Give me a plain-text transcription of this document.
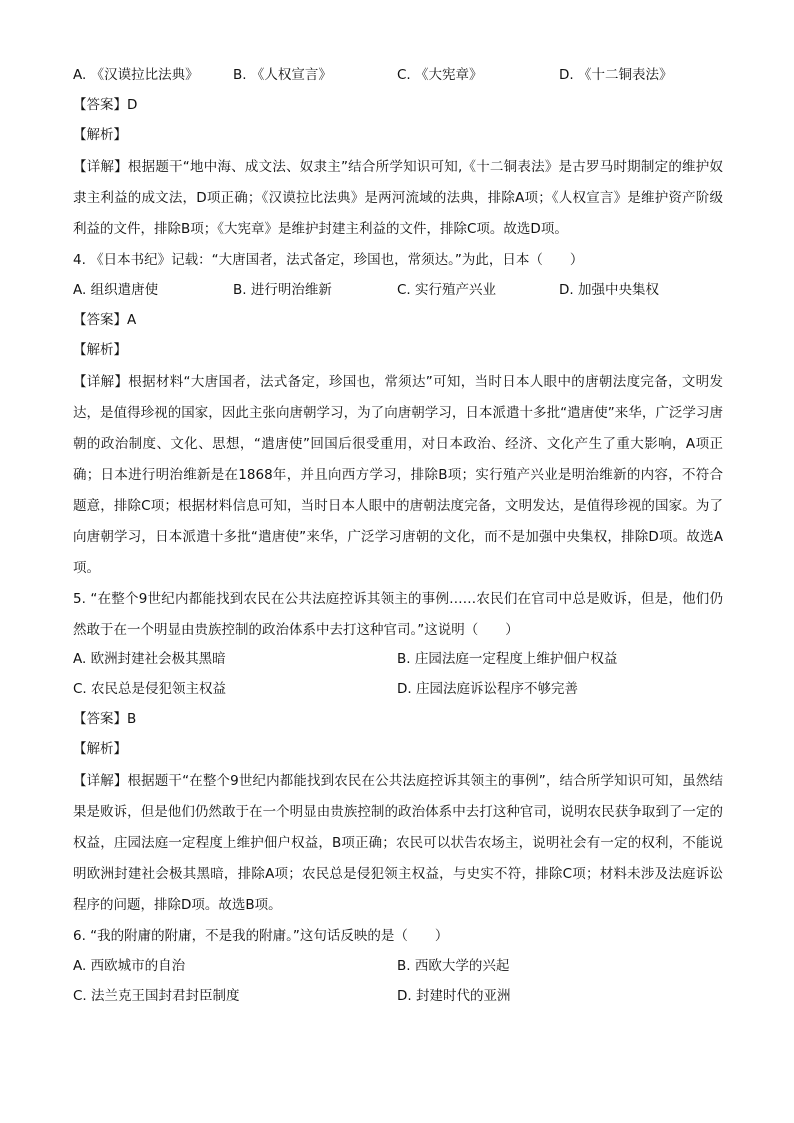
A. 《汉谟拉比法典》	B. 《人权宣言》	C. 《大宪章》	D. 《十二铜表法》
【答案】D
【解析】
【详解】根据题干“地中海、成文法、奴隶主”结合所学知识可知,《十二铜表法》是古罗马时期制定的维护奴隶主利益的成文法，D项正确；《汉谟拉比法典》是两河流域的法典，排除A项；《人权宣言》是维护资产阶级利益的文件，排除B项；《大宪章》是维护封建主利益的文件，排除C项。故选D项。
4. 《日本书纪》记载：“大唐国者，法式备定，珍国也，常须达。”为此，日本（　　）
A. 组织遣唐使	B. 进行明治维新	C. 实行殖产兴业	D. 加强中央集权
【答案】A
【解析】
【详解】根据材料“大唐国者，法式备定，珍国也，常须达”可知，当时日本人眼中的唐朝法度完备，文明发达，是值得珍视的国家，因此主张向唐朝学习，为了向唐朝学习，日本派遣十多批“遣唐使”来华，广泛学习唐朝的政治制度、文化、思想，“遣唐使”回国后很受重用，对日本政治、经济、文化产生了重大影响，A项正确；日本进行明治维新是在1868年，并且向西方学习，排除B项；实行殖产兴业是明治维新的内容，不符合题意，排除C项；根据材料信息可知，当时日本人眼中的唐朝法度完备，文明发达，是值得珍视的国家。为了向唐朝学习，日本派遣十多批“遣唐使”来华，广泛学习唐朝的文化，而不是加强中央集权，排除D项。故选A项。
5. “在整个9世纪内都能找到农民在公共法庭控诉其领主的事例……农民们在官司中总是败诉，但是，他们仍然敢于在一个明显由贵族控制的政治体系中去打这种官司。”这说明（　　）
A. 欧洲封建社会极其黑暗	B. 庄园法庭一定程度上维护佃户权益
C. 农民总是侵犯领主权益	D. 庄园法庭诉讼程序不够完善
【答案】B
【解析】
【详解】根据题干“在整个9世纪内都能找到农民在公共法庭控诉其领主的事例”，结合所学知识可知，虽然结果是败诉，但是他们仍然敢于在一个明显由贵族控制的政治体系中去打这种官司，说明农民获争取到了一定的权益，庄园法庭一定程度上维护佃户权益，B项正确；农民可以状告农场主，说明社会有一定的权利，不能说明欧洲封建社会极其黑暗，排除A项；农民总是侵犯领主权益，与史实不符，排除C项；材料未涉及法庭诉讼程序的问题，排除D项。故选B项。
6. “我的附庸的附庸，不是我的附庸。”这句话反映的是（　　）
A. 西欧城市的自治	B. 西欧大学的兴起
C. 法兰克王国封君封臣制度	D. 封建时代的亚洲
